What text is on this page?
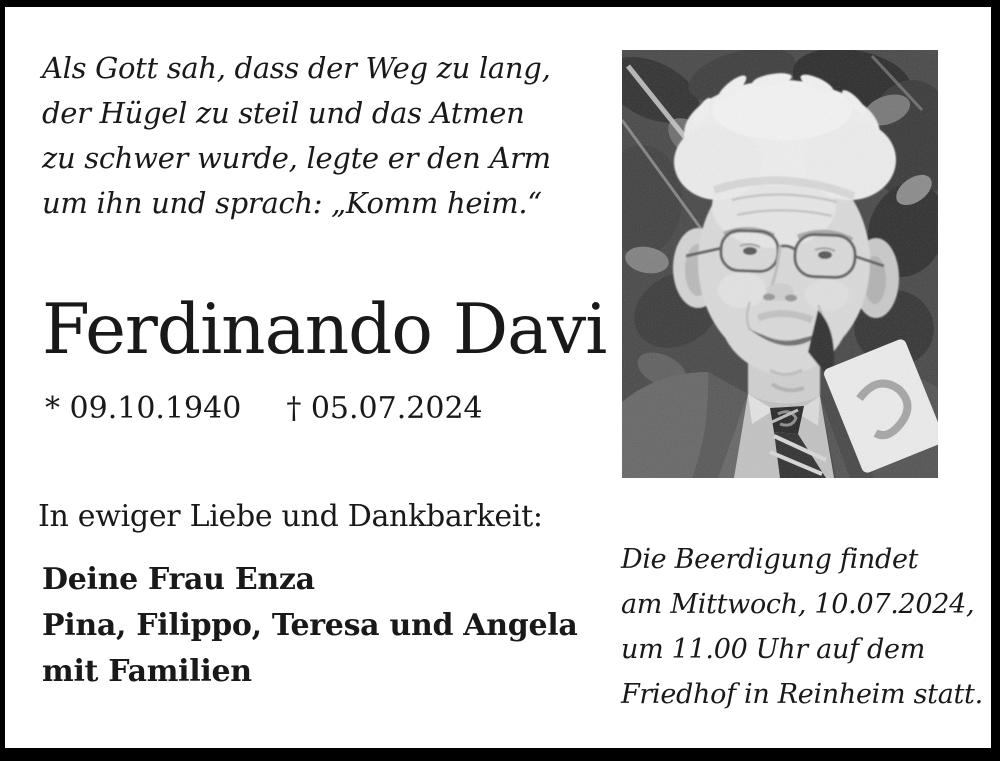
Als Gott sah, dass der Weg zu lang,
der Hügel zu steil und das Atmen
zu schwer wurde, legte er den Arm
um ihn und sprach: „Komm heim.“
Ferdinando Davi
* 09.10.1940 † 05.07.2024
In ewiger Liebe und Dankbarkeit:
Deine Frau Enza
Pina, Filippo, Teresa und Angela
mit Familien
Die Beerdigung findet
am Mittwoch, 10.07.2024,
um 11.00 Uhr auf dem
Friedhof in Reinheim statt.
